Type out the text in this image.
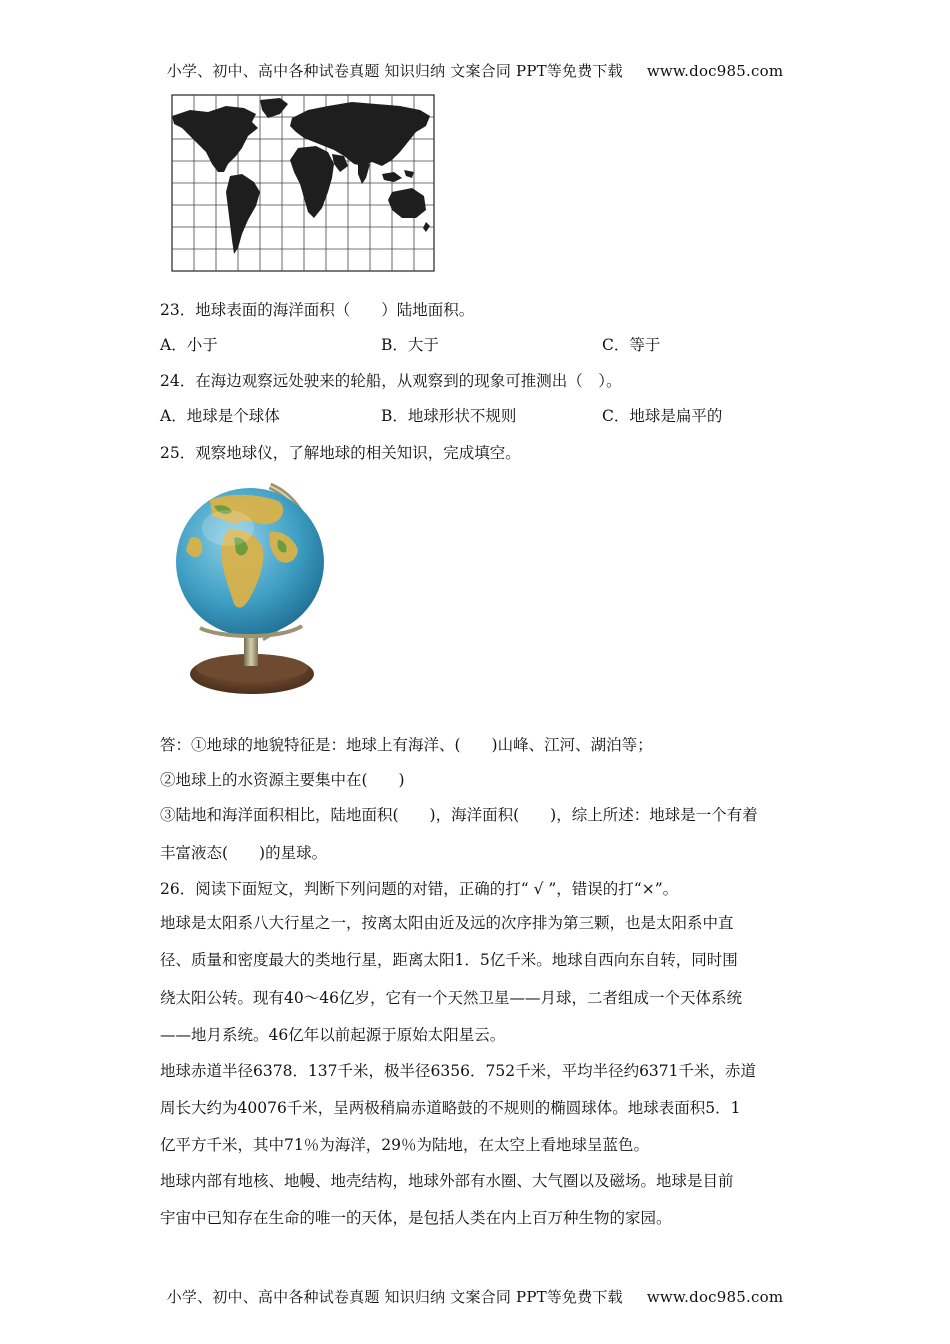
小学、初中、高中各种试卷真题 知识归纳 文案合同 PPT等免费下载 www.doc985.com
23．地球表面的海洋面积（　　）陆地面积。
A．小于	B．大于	C．等于
24．在海边观察远处驶来的轮船，从观察到的现象可推测出（　）。
A．地球是个球体	B．地球形状不规则	C．地球是扁平的
25．观察地球仪，了解地球的相关知识，完成填空。
答：①地球的地貌特征是：地球上有海洋、(　　)山峰、江河、湖泊等；
②地球上的水资源主要集中在(　　)
③陆地和海洋面积相比，陆地面积(　　)，海洋面积(　　)，综上所述：地球是一个有着
丰富液态(　　)的星球。
26．阅读下面短文，判断下列问题的对错，正确的打“ √ ”，错误的打“×”。
地球是太阳系八大行星之一，按离太阳由近及远的次序排为第三颗，也是太阳系中直
径、质量和密度最大的类地行星，距离太阳1．5亿千米。地球自西向东自转，同时围
绕太阳公转。现有40～46亿岁，它有一个天然卫星——月球，二者组成一个天体系统
——地月系统。46亿年以前起源于原始太阳星云。
地球赤道半径6378．137千米，极半径6356．752千米，平均半径约6371千米，赤道
周长大约为40076千米，呈两极稍扁赤道略鼓的不规则的椭圆球体。地球表面积5．1
亿平方千米，其中71％为海洋，29％为陆地，在太空上看地球呈蓝色。
地球内部有地核、地幔、地壳结构，地球外部有水圈、大气圈以及磁场。地球是目前
宇宙中已知存在生命的唯一的天体，是包括人类在内上百万种生物的家园。
小学、初中、高中各种试卷真题 知识归纳 文案合同 PPT等免费下载 www.doc985.com
